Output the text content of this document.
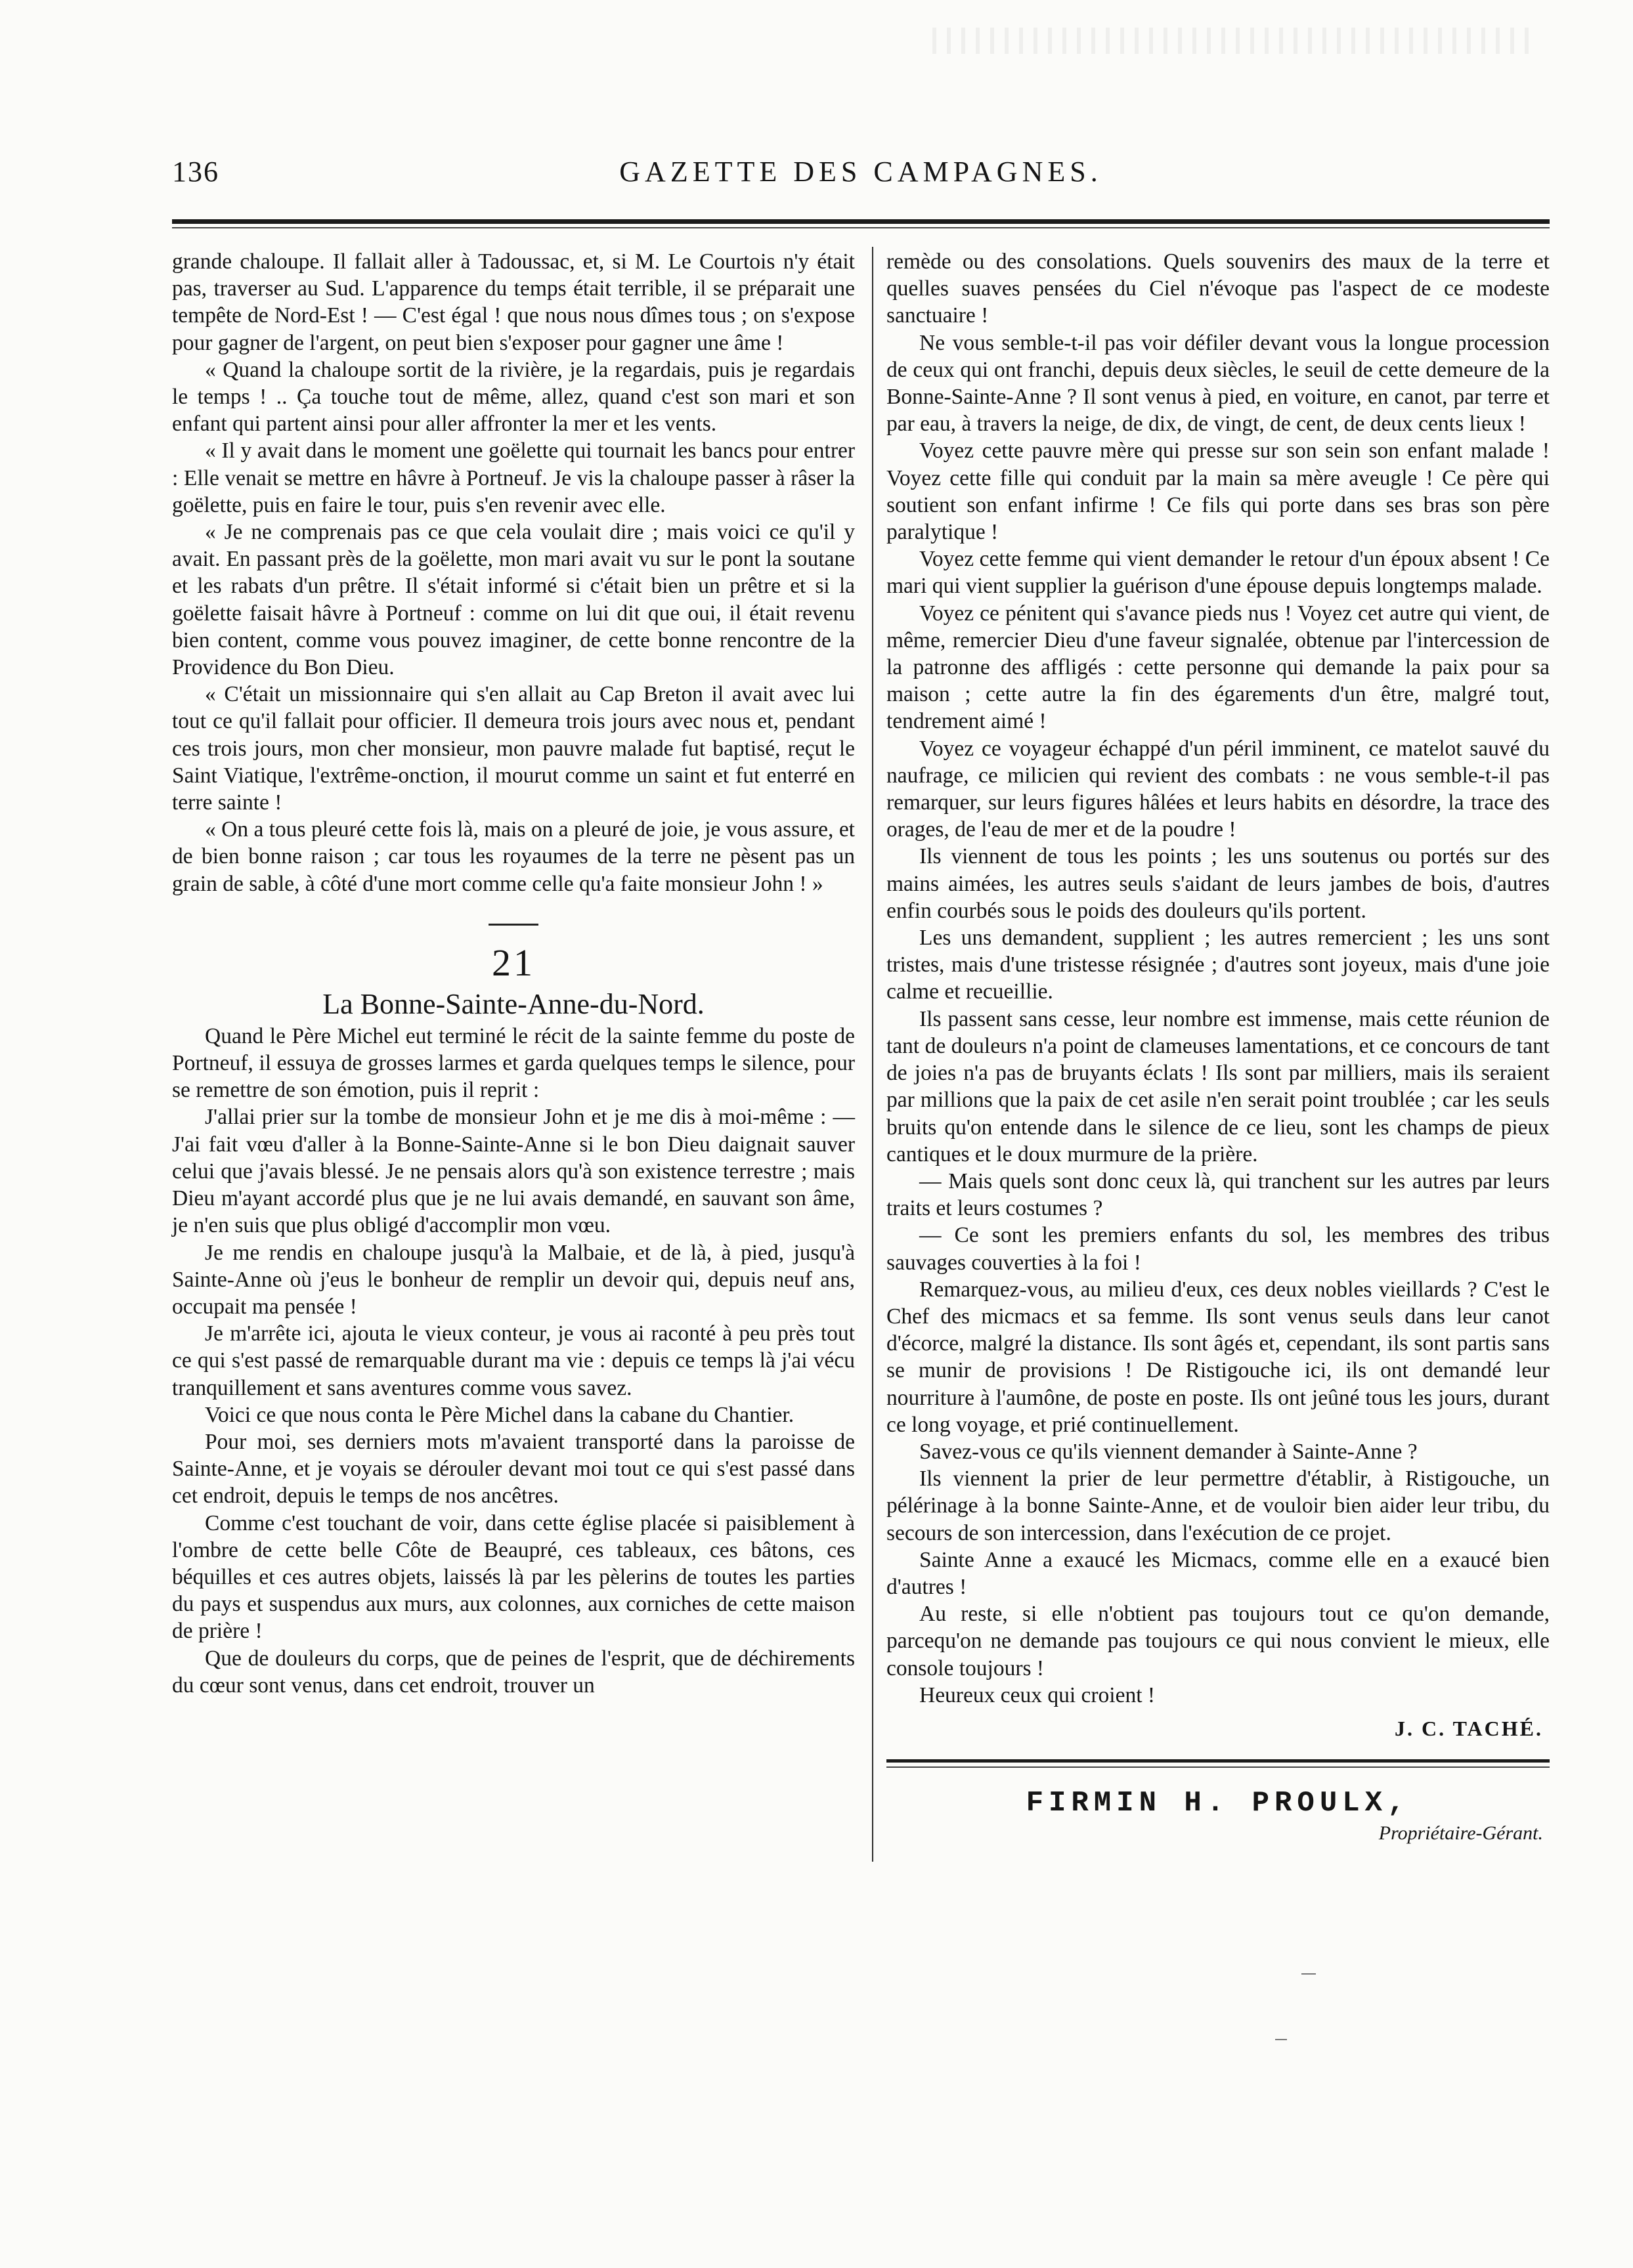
136	GAZETTE DES CAMPAGNES.

grande chaloupe. Il fallait aller à Tadoussac, et, si M. Le Courtois n'y était pas, traverser au Sud. L'apparence du temps était terrible, il se préparait une tempête de Nord-Est ! — C'est égal ! que nous nous dîmes tous ; on s'expose pour gagner de l'argent, on peut bien s'exposer pour gagner une âme !

« Quand la chaloupe sortit de la rivière, je la regardais, puis je regardais le temps ! .. Ça touche tout de même, allez, quand c'est son mari et son enfant qui partent ainsi pour aller affronter la mer et les vents.

« Il y avait dans le moment une goëlette qui tournait les bancs pour entrer : Elle venait se mettre en hâvre à Portneuf. Je vis la chaloupe passer à râser la goëlette, puis en faire le tour, puis s'en revenir avec elle.

« Je ne comprenais pas ce que cela voulait dire ; mais voici ce qu'il y avait. En passant près de la goëlette, mon mari avait vu sur le pont la soutane et les rabats d'un prêtre. Il s'était informé si c'était bien un prêtre et si la goëlette faisait hâvre à Portneuf : comme on lui dit que oui, il était revenu bien content, comme vous pouvez imaginer, de cette bonne rencontre de la Providence du Bon Dieu.

« C'était un missionnaire qui s'en allait au Cap Breton il avait avec lui tout ce qu'il fallait pour officier. Il demeura trois jours avec nous et, pendant ces trois jours, mon cher monsieur, mon pauvre malade fut baptisé, reçut le Saint Viatique, l'extrême-onction, il mourut comme un saint et fut enterré en terre sainte !

« On a tous pleuré cette fois là, mais on a pleuré de joie, je vous assure, et de bien bonne raison ; car tous les royaumes de la terre ne pèsent pas un grain de sable, à côté d'une mort comme celle qu'a faite monsieur John ! »

21

La Bonne-Sainte-Anne-du-Nord.

Quand le Père Michel eut terminé le récit de la sainte femme du poste de Portneuf, il essuya de grosses larmes et garda quelques temps le silence, pour se remettre de son émotion, puis il reprit :

J'allai prier sur la tombe de monsieur John et je me dis à moi-même : — J'ai fait vœu d'aller à la Bonne-Sainte-Anne si le bon Dieu daignait sauver celui que j'avais blessé. Je ne pensais alors qu'à son existence terrestre ; mais Dieu m'ayant accordé plus que je ne lui avais demandé, en sauvant son âme, je n'en suis que plus obligé d'accomplir mon vœu.

Je me rendis en chaloupe jusqu'à la Malbaie, et de là, à pied, jusqu'à Sainte-Anne où j'eus le bonheur de remplir un devoir qui, depuis neuf ans, occupait ma pensée !

Je m'arrête ici, ajouta le vieux conteur, je vous ai raconté à peu près tout ce qui s'est passé de remarquable durant ma vie : depuis ce temps là j'ai vécu tranquillement et sans aventures comme vous savez.

Voici ce que nous conta le Père Michel dans la cabane du Chantier.

Pour moi, ses derniers mots m'avaient transporté dans la paroisse de Sainte-Anne, et je voyais se dérouler devant moi tout ce qui s'est passé dans cet endroit, depuis le temps de nos ancêtres.

Comme c'est touchant de voir, dans cette église placée si paisiblement à l'ombre de cette belle Côte de Beaupré, ces tableaux, ces bâtons, ces béquilles et ces autres objets, laissés là par les pèlerins de toutes les parties du pays et suspendus aux murs, aux colonnes, aux corniches de cette maison de prière !

Que de douleurs du corps, que de peines de l'esprit, que de déchirements du cœur sont venus, dans cet endroit, trouver un

remède ou des consolations. Quels souvenirs des maux de la terre et quelles suaves pensées du Ciel n'évoque pas l'aspect de ce modeste sanctuaire !

Ne vous semble-t-il pas voir défiler devant vous la longue procession de ceux qui ont franchi, depuis deux siècles, le seuil de cette demeure de la Bonne-Sainte-Anne ? Il sont venus à pied, en voiture, en canot, par terre et par eau, à travers la neige, de dix, de vingt, de cent, de deux cents lieux !

Voyez cette pauvre mère qui presse sur son sein son enfant malade ! Voyez cette fille qui conduit par la main sa mère aveugle ! Ce père qui soutient son enfant infirme ! Ce fils qui porte dans ses bras son père paralytique !

Voyez cette femme qui vient demander le retour d'un époux absent ! Ce mari qui vient supplier la guérison d'une épouse depuis longtemps malade.

Voyez ce pénitent qui s'avance pieds nus ! Voyez cet autre qui vient, de même, remercier Dieu d'une faveur signalée, obtenue par l'intercession de la patronne des affligés : cette personne qui demande la paix pour sa maison ; cette autre la fin des égarements d'un être, malgré tout, tendrement aimé !

Voyez ce voyageur échappé d'un péril imminent, ce matelot sauvé du naufrage, ce milicien qui revient des combats : ne vous semble-t-il pas remarquer, sur leurs figures hâlées et leurs habits en désordre, la trace des orages, de l'eau de mer et de la poudre !

Ils viennent de tous les points ; les uns soutenus ou portés sur des mains aimées, les autres seuls s'aidant de leurs jambes de bois, d'autres enfin courbés sous le poids des douleurs qu'ils portent.

Les uns demandent, supplient ; les autres remercient ; les uns sont tristes, mais d'une tristesse résignée ; d'autres sont joyeux, mais d'une joie calme et recueillie.

Ils passent sans cesse, leur nombre est immense, mais cette réunion de tant de douleurs n'a point de clameuses lamentations, et ce concours de tant de joies n'a pas de bruyants éclats ! Ils sont par milliers, mais ils seraient par millions que la paix de cet asile n'en serait point troublée ; car les seuls bruits qu'on entende dans le silence de ce lieu, sont les champs de pieux cantiques et le doux murmure de la prière.

— Mais quels sont donc ceux là, qui tranchent sur les autres par leurs traits et leurs costumes ?

— Ce sont les premiers enfants du sol, les membres des tribus sauvages couverties à la foi !

Remarquez-vous, au milieu d'eux, ces deux nobles vieillards ? C'est le Chef des micmacs et sa femme. Ils sont venus seuls dans leur canot d'écorce, malgré la distance. Ils sont âgés et, cependant, ils sont partis sans se munir de provisions ! De Ristigouche ici, ils ont demandé leur nourriture à l'aumône, de poste en poste. Ils ont jeûné tous les jours, durant ce long voyage, et prié continuellement.

Savez-vous ce qu'ils viennent demander à Sainte-Anne ?

Ils viennent la prier de leur permettre d'établir, à Ristigouche, un pélérinage à la bonne Sainte-Anne, et de vouloir bien aider leur tribu, du secours de son intercession, dans l'exécution de ce projet.

Sainte Anne a exaucé les Micmacs, comme elle en a exaucé bien d'autres !

Au reste, si elle n'obtient pas toujours tout ce qu'on demande, parcequ'on ne demande pas toujours ce qui nous convient le mieux, elle console toujours !

Heureux ceux qui croient !

J. C. TACHÉ.
FIRMIN H. PROULX,
Propriétaire-Gérant.
